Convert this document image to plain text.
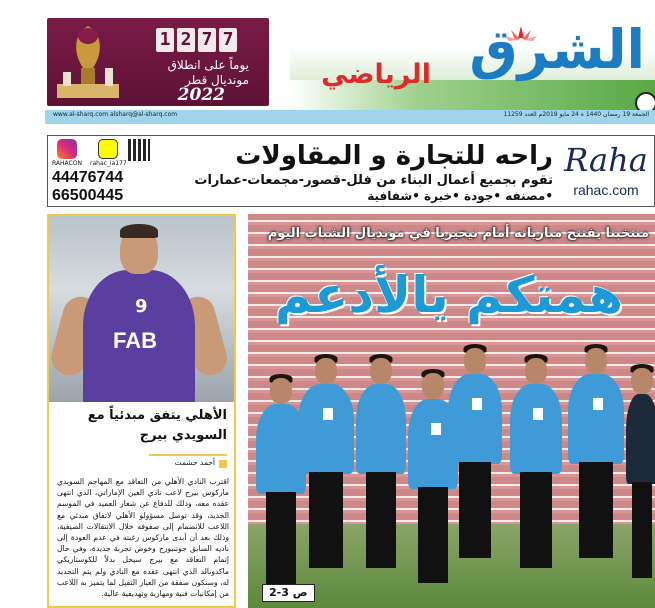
1 2 7 7
يوماً على انطلاق
مونديال قطر
2022
الشرق
الرياضي
www.al-sharq.com alsharq@al-sharq.com	الجمعة 19 رمضان 1440 ه 24 مايو 2019م العدد 11259
RAHACON rahac_ia177
44476744
66500445
راحه للتجارة و المقاولات
تقوم بجميع أعمال البناء من فلل-قصور-مجمعات-عمارات
•مصنفه •جودة •خبرة •شفافية
Raha
rahac.com
9
FAB
الأهلي يتفق مبدئياً مع السويدي بيرج
أحمد حشمت
اقترب النادي الأهلي من التعاقد مع المهاجم السويدي ماركوس بيرج لاعب نادي العين الإماراتي، الذي انتهى عقده معه، وذلك للدفاع عن شعار العميد في الموسم الجديد، وقد توصل مسؤولو الأهلي لاتفاق مبدئي مع اللاعب للانضمام إلى صفوفه خلال الانتقالات الصيفية، وذلك بعد أن أبدى ماركوس رغبته في عدم العودة إلى ناديه السابق جوتنبورج وخوض تجربة جديدة، وفي حال إتمام التعاقد مع بيرج سيحل بدلاً للكوستاريكي ماكدونالد الذي انتهى عقده مع النادي ولم يتم التجديد له، وستكون صفقة من العيار الثقيل لما يتميز به اللاعب من إمكانيات فنية ومهارية وتهديفية عالية.
منتخبنا يفتتح مبارياته أمام نيجيريا في مونديال الشباب اليوم
همتكم يالأدعم
ص 3-2
